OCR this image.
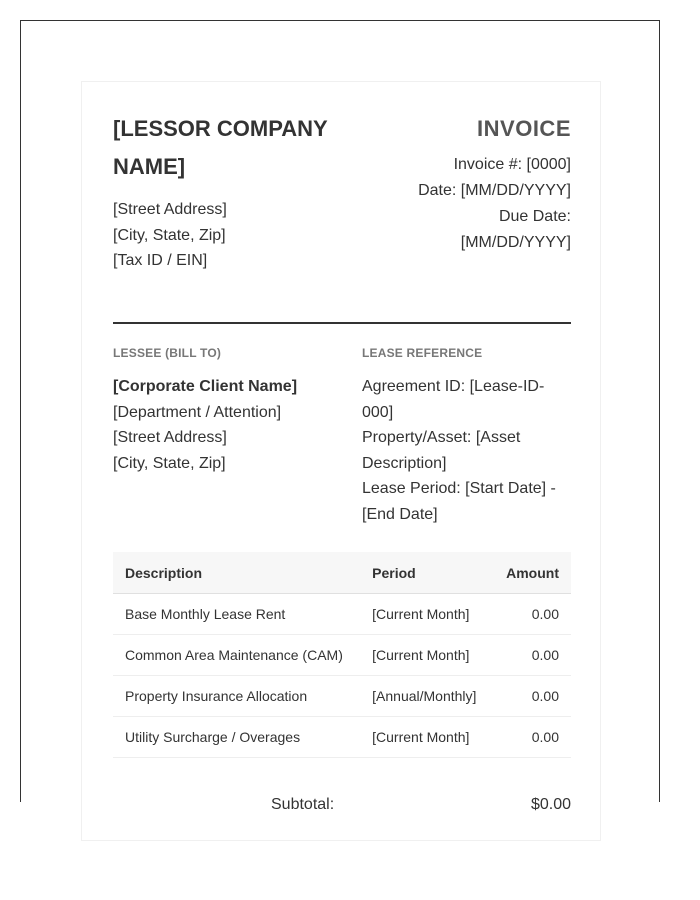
[LESSOR COMPANY NAME]
[Street Address]
[City, State, Zip]
[Tax ID / EIN]
INVOICE
Invoice #: [0000]
Date: [MM/DD/YYYY]
Due Date:
[MM/DD/YYYY]
LESSEE (BILL TO)
[Corporate Client Name]
[Department / Attention]
[Street Address]
[City, State, Zip]
LEASE REFERENCE
Agreement ID: [Lease-ID-
000]
Property/Asset: [Asset
Description]
Lease Period: [Start Date] -
[End Date]
Description	Period	Amount
Base Monthly Lease Rent	[Current Month]	0.00
Common Area Maintenance (CAM)	[Current Month]	0.00
Property Insurance Allocation	[Annual/Monthly]	0.00
Utility Surcharge / Overages	[Current Month]	0.00
Subtotal:	$0.00
